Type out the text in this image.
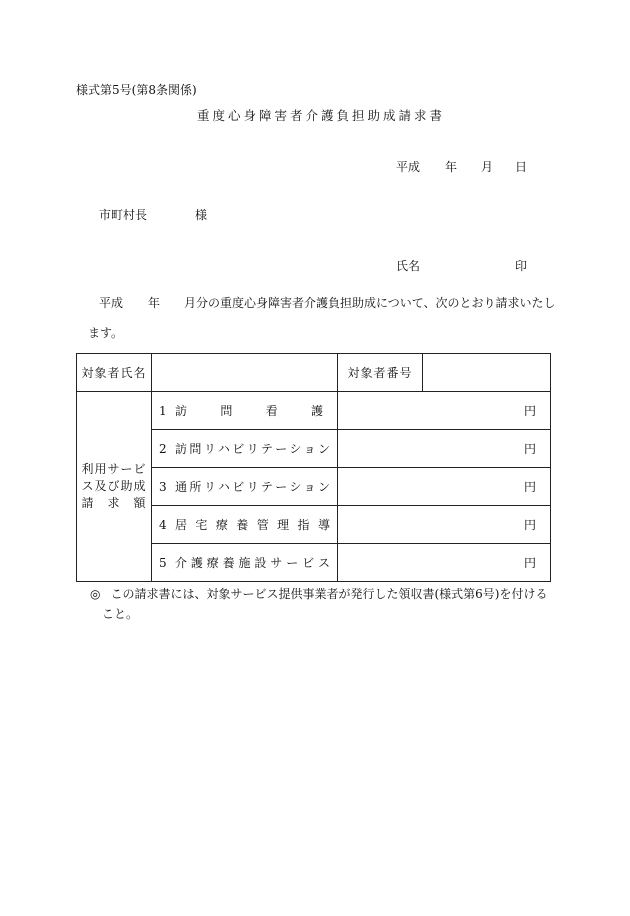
様式第5号(第8条関係)
重度心身障害者介護負担助成請求書
平成 年 月 日
市町村長	様
氏名	印
平成 年 月分の重度心身障害者介護負担助成について、次のとおり請求いたし
ます。
対象者氏名		対象者番号	

利用サービ
ス及び助成
請　求　額	1 訪問看護	円	
	2 訪問リハビリテーション	円	
	3 通所リハビリテーション	円	
	4 居宅療養管理指導	円	
	5 介護療養施設サービス	円	
◎ この請求書には、対象サービス提供事業者が発行した領収書(様式第6号)を付ける
こと。
